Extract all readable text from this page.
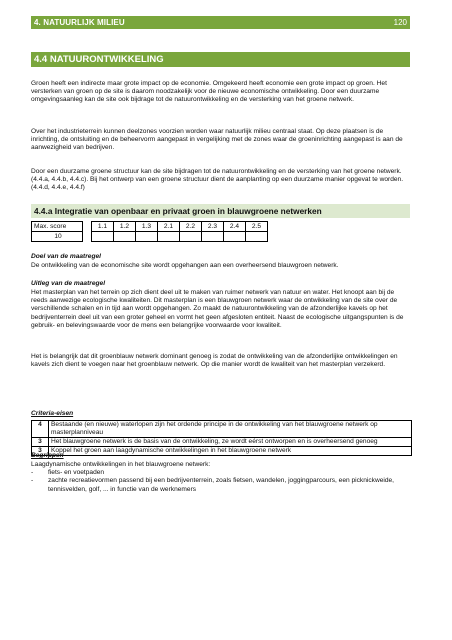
4. NATUURLIJK MILIEU	120
4.4 NATUURONTWIKKELING

Groen heeft een indirecte maar grote impact op de economie. Omgekeerd heeft economie een grote impact op groen. Het versterken van groen op de site is daarom noodzakelijk voor de nieuwe economische ontwikkeling. Door een duurzame omgevingsaanleg kan de site ook bijdrage tot de natuurontwikkeling en de versterking van het groene netwerk.

Over het industrieterrein kunnen deelzones voorzien worden waar natuurlijk milieu centraal staat. Op deze plaatsen is de inrichting, de ontsluiting en de beheervorm aangepast in vergelijking met de zones waar de groeninrichting aangepast is aan de aanwezigheid van bedrijven.

Door een duurzame groene structuur kan de site bijdragen tot de natuurontwikkeling en de versterking van het groene netwerk. (4.4.a, 4.4.b, 4.4.c). Bij het ontwerp van een groene structuur dient de aanplanting op een duurzame manier opgevat te worden. (4.4.d, 4.4.e, 4.4.f)

4.4.a Integratie van openbaar en privaat groen in blauwgroene netwerken
Max. score		1.1	1.2	1.3	2.1	2.2	2.3	2.4	2.5
10									

Doel van de maatregel

De ontwikkeling van de economische site wordt opgehangen aan een overheersend blauwgroen netwerk.

Uitleg van de maatregel

Het masterplan van het terrein op zich dient deel uit te maken van ruimer netwerk van natuur en water. Het knoopt aan bij de reeds aanwezige ecologische kwaliteiten. Dit masterplan is een blauwgroen netwerk waar de ontwikkeling van de site over de verschillende schalen en in tijd aan wordt opgehangen. Zo maakt de natuurontwikkeling van de afzonderlijke kavels op het bedrijventerrein deel uit van een groter geheel en vormt het geen afgesloten entiteit. Naast de ecologische uitgangspunten is de gebruik- en belevingswaarde voor de mens een belangrijke voorwaarde voor kwaliteit.

Het is belangrijk dat dit groenblauw netwerk dominant genoeg is zodat de ontwikkeling van de afzonderlijke ontwikkelingen en kavels zich dient te voegen naar het groenblauw netwerk. Op die manier wordt de kwaliteit van het masterplan verzekerd.

Criteria-eisen

4	Bestaande (en nieuwe) waterlopen zijn het ordende principe in de ontwikkeling van het blauwgroene netwerk op masterplanniveau
3	Het blauwgroene netwerk is de basis van de ontwikkeling, ze wordt eérst ontworpen en is overheersend genoeg
3	Koppel het groen aan laagdynamische ontwikkelingen in het blauwgroene netwerk

Begrippen

Laagdynamische ontwikkelingen in het blauwgroene netwerk:
- fiets- en voetpaden
- zachte recreatievormen passend bij een bedrijventerrein, zoals fietsen, wandelen, joggingparcours, een picknickweide, tennisvelden, golf, ... in functie van de werknemers
